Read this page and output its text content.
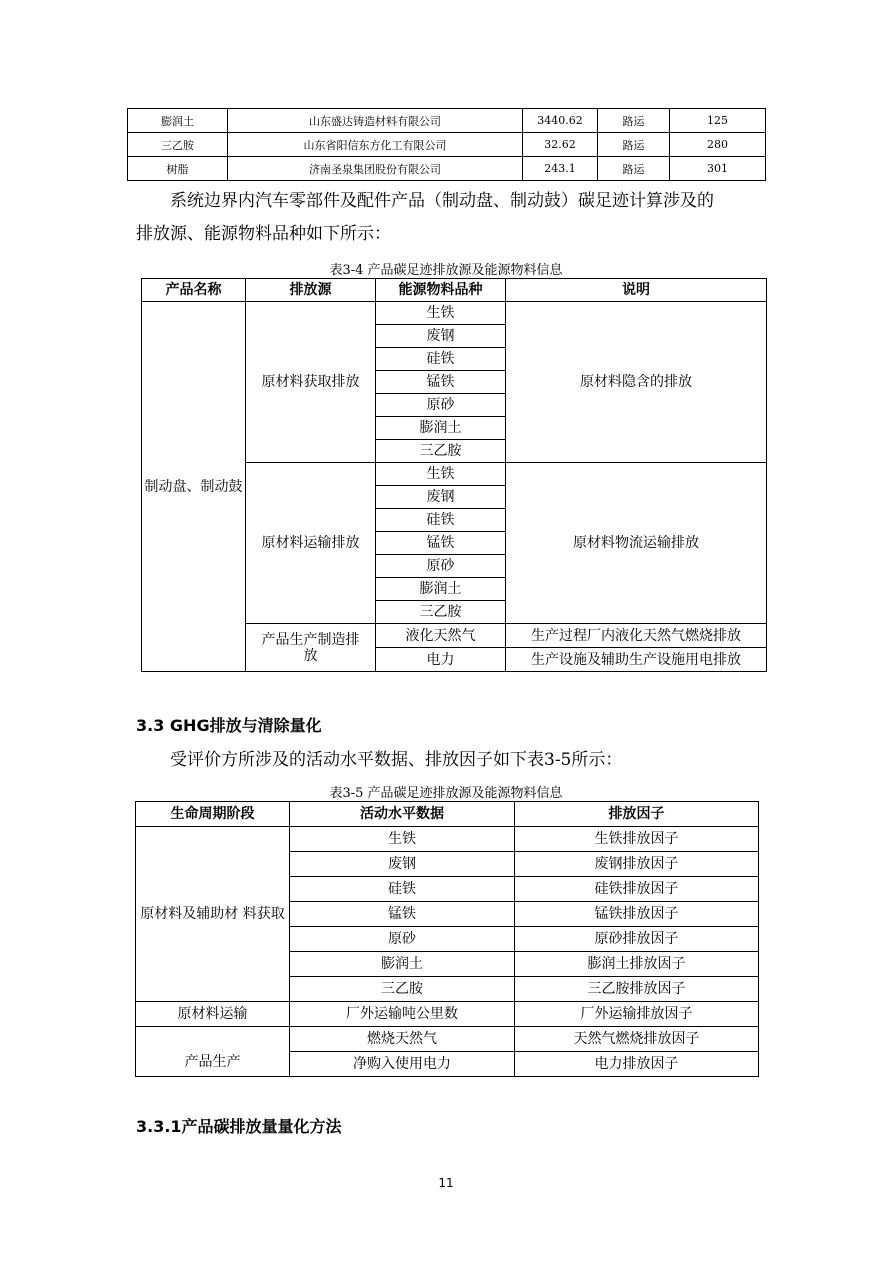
膨润土	山东盛达铸造材料有限公司	3440.62	路运	125
三乙胺	山东省阳信东方化工有限公司	32.62	路运	280
树脂	济南圣泉集团股份有限公司	243.1	路运	301
系统边界内汽车零部件及配件产品（制动盘、制动鼓）碳足迹计算涉及的

排放源、能源物料品种如下所示：
表3-4 产品碳足迹排放源及能源物料信息
产品名称	排放源	能源物料品种	说明
制动盘、制动鼓	原材料获取排放	生铁	原材料隐含的排放
		废钢	
		硅铁	
		锰铁	
		原砂	
		膨润土	
		三乙胺	
	原材料运输排放	生铁	原材料物流运输排放
		废钢	
		硅铁	
		锰铁	
		原砂	
		膨润土	
		三乙胺	
	产品生产制造排放	液化天然气	生产过程厂内液化天然气燃烧排放
		电力	生产设施及辅助生产设施用电排放
3.3 GHG排放与清除量化
受评价方所涉及的活动水平数据、排放因子如下表3-5所示：
表3-5 产品碳足迹排放源及能源物料信息
生命周期阶段	活动水平数据	排放因子
原材料及辅助材 料获取	生铁	生铁排放因子
	废钢	废钢排放因子
	硅铁	硅铁排放因子
	锰铁	锰铁排放因子
	原砂	原砂排放因子
	膨润土	膨润土排放因子
	三乙胺	三乙胺排放因子
原材料运输	厂外运输吨公里数	厂外运输排放因子
产品生产	燃烧天然气	天然气燃烧排放因子
	净购入使用电力	电力排放因子
3.3.1产品碳排放量量化方法
11
